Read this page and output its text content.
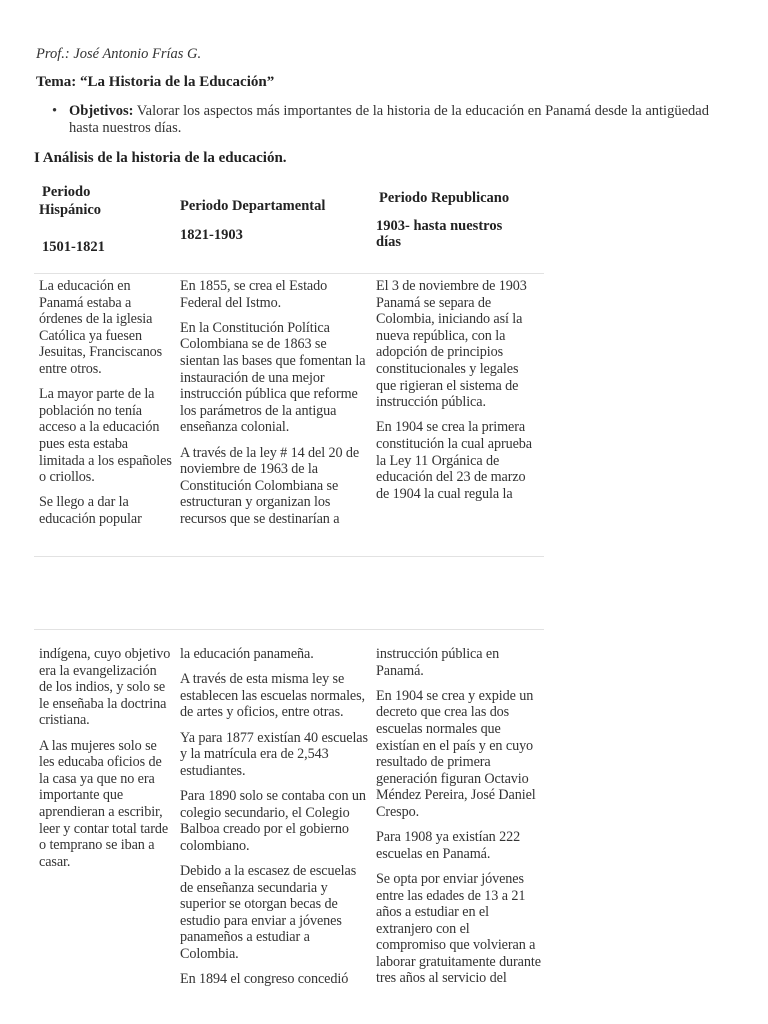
Prof.: José Antonio Frías G.
Tema: “La Historia de la Educación”
• Objetivos: Valorar los aspectos más importantes de la historia de la educación en Panamá desde la antigüedad hasta nuestros días.
I Análisis de la historia de la educación.
Periodo
Hispánico
1501-1821
Periodo Departamental
1821-1903
Periodo Republicano
1903- hasta nuestros
días

La educación en Panamá estaba a órdenes de la iglesia Católica ya fuesen Jesuitas, Franciscanos entre otros.

La mayor parte de la población no tenía acceso a la educación pues esta estaba limitada a los españoles o criollos.

Se llego a dar la educación popular

En 1855, se crea el Estado Federal del Istmo.

En la Constitución Política Colombiana se de 1863 se sientan las bases que fomentan la instauración de una mejor instrucción pública que reforme los parámetros de la antigua enseñanza colonial.

A través de la ley # 14 del 20 de noviembre de 1963 de la Constitución Colombiana se estructuran y organizan los recursos que se destinarían a

El 3 de noviembre de 1903 Panamá se separa de Colombia, iniciando así la nueva república, con la adopción de principios constitucionales y legales que rigieran el sistema de instrucción pública.

En 1904 se crea la primera constitución la cual aprueba la Ley 11 Orgánica de educación del 23 de marzo de 1904 la cual regula la

indígena, cuyo objetivo era la evangelización de los indios, y solo se le enseñaba la doctrina cristiana.

A las mujeres solo se les educaba oficios de la casa ya que no era importante que aprendieran a escribir, leer y contar total tarde o temprano se iban a casar.

la educación panameña.

A través de esta misma ley se establecen las escuelas normales, de artes y oficios, entre otras.

Ya para 1877 existían 40 escuelas y la matrícula era de 2,543 estudiantes.

Para 1890 solo se contaba con un colegio secundario, el Colegio Balboa creado por el gobierno colombiano.

Debido a la escasez de escuelas de enseñanza secundaria y superior se otorgan becas de estudio para enviar a jóvenes panameños a estudiar a Colombia.

En 1894 el congreso concedió

instrucción pública en Panamá.

En 1904 se crea y expide un decreto que crea las dos escuelas normales que existían en el país y en cuyo resultado de primera generación figuran Octavio Méndez Pereira, José Daniel Crespo.

Para 1908 ya existían 222 escuelas en Panamá.

Se opta por enviar jóvenes entre las edades de 13 a 21 años a estudiar en el extranjero con el compromiso que volvieran a laborar gratuitamente durante tres años al servicio del
